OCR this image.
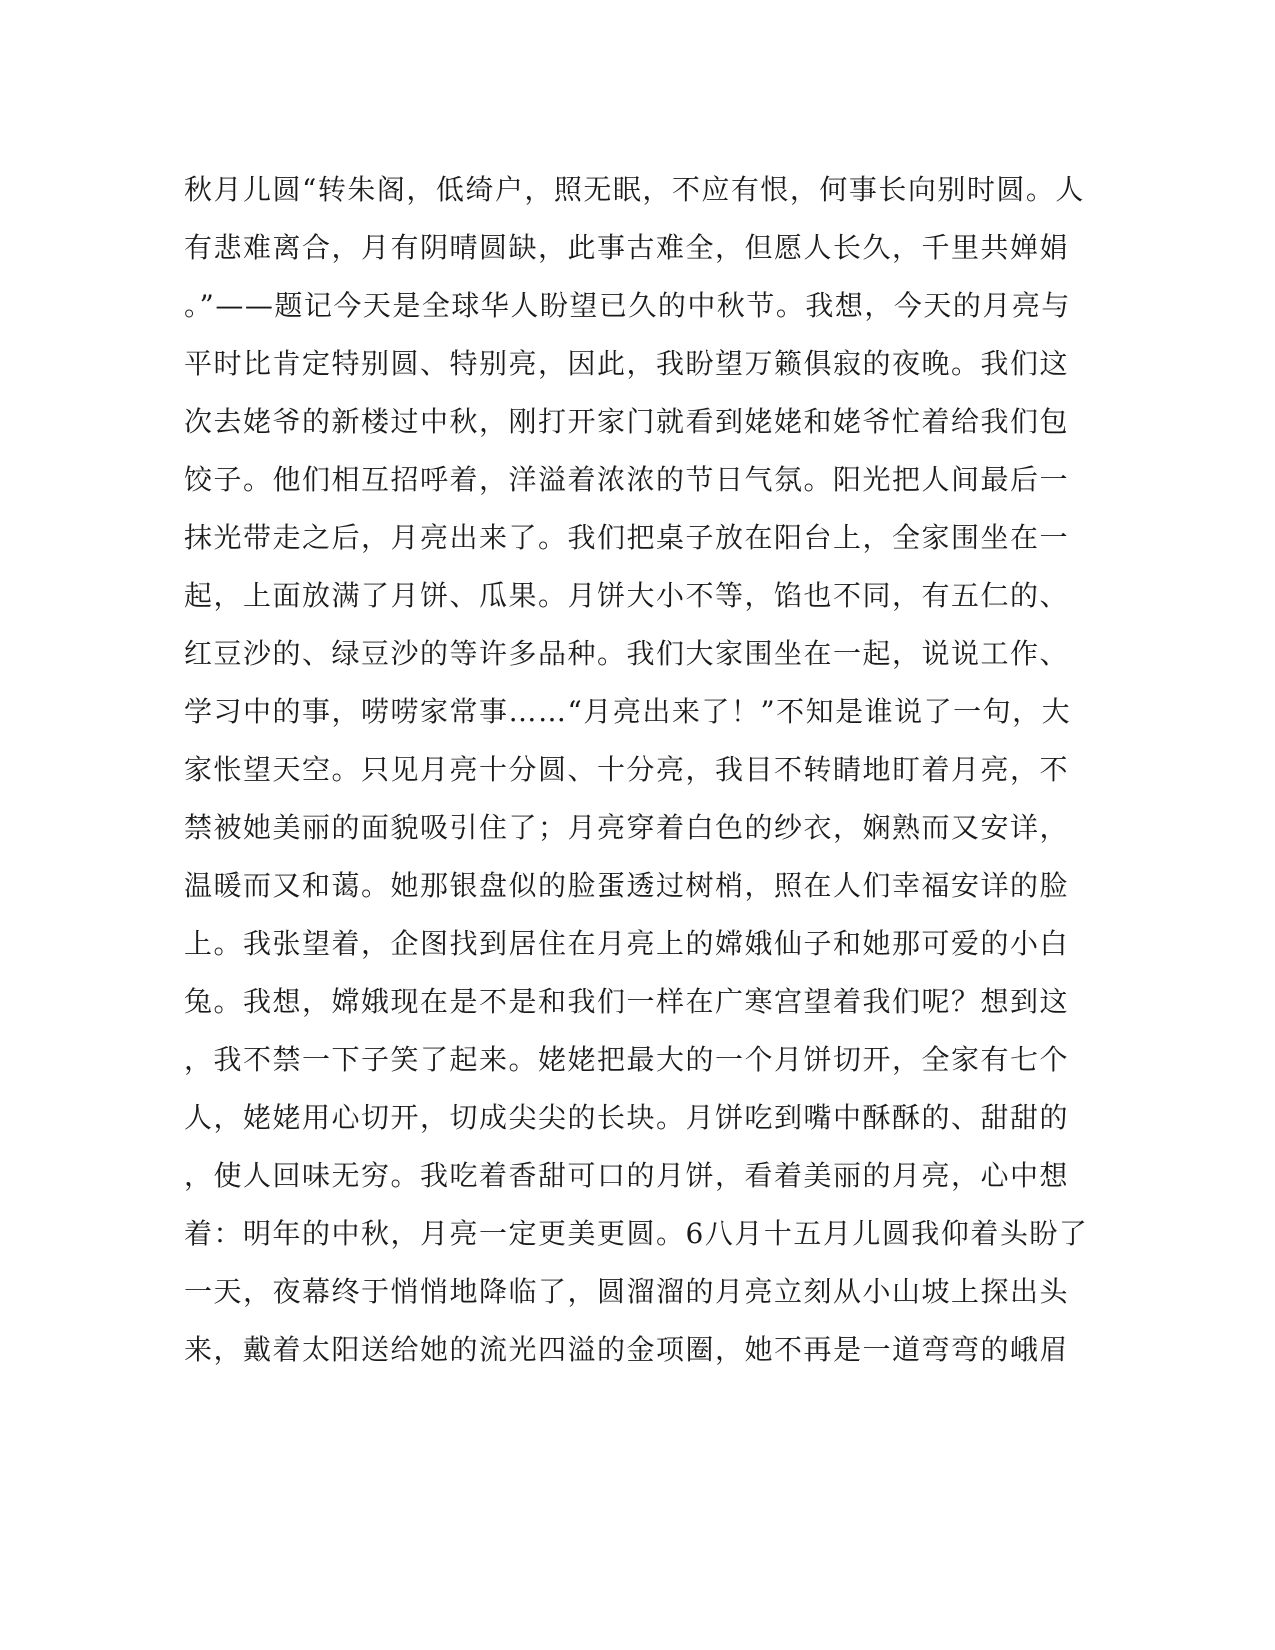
秋月儿圆“转朱阁，低绮户，照无眠，不应有恨，何事长向别时圆。人
有悲难离合，月有阴晴圆缺，此事古难全，但愿人长久，千里共婵娟
。”——题记今天是全球华人盼望已久的中秋节。我想，今天的月亮与
平时比肯定特别圆、特别亮，因此，我盼望万籁俱寂的夜晚。我们这
次去姥爷的新楼过中秋，刚打开家门就看到姥姥和姥爷忙着给我们包
饺子。他们相互招呼着，洋溢着浓浓的节日气氛。阳光把人间最后一
抹光带走之后，月亮出来了。我们把桌子放在阳台上，全家围坐在一
起，上面放满了月饼、瓜果。月饼大小不等，馅也不同，有五仁的、
红豆沙的、绿豆沙的等许多品种。我们大家围坐在一起，说说工作、
学习中的事，唠唠家常事……“月亮出来了！”不知是谁说了一句，大
家怅望天空。只见月亮十分圆、十分亮，我目不转睛地盯着月亮，不
禁被她美丽的面貌吸引住了；月亮穿着白色的纱衣，娴熟而又安详，
温暖而又和蔼。她那银盘似的脸蛋透过树梢，照在人们幸福安详的脸
上。我张望着，企图找到居住在月亮上的嫦娥仙子和她那可爱的小白
兔。我想，嫦娥现在是不是和我们一样在广寒宫望着我们呢？想到这
，我不禁一下子笑了起来。姥姥把最大的一个月饼切开，全家有七个
人，姥姥用心切开，切成尖尖的长块。月饼吃到嘴中酥酥的、甜甜的
，使人回味无穷。我吃着香甜可口的月饼，看着美丽的月亮，心中想
着：明年的中秋，月亮一定更美更圆。6八月十五月儿圆我仰着头盼了
一天，夜幕终于悄悄地降临了，圆溜溜的月亮立刻从小山坡上探出头
来，戴着太阳送给她的流光四溢的金项圈，她不再是一道弯弯的峨眉
